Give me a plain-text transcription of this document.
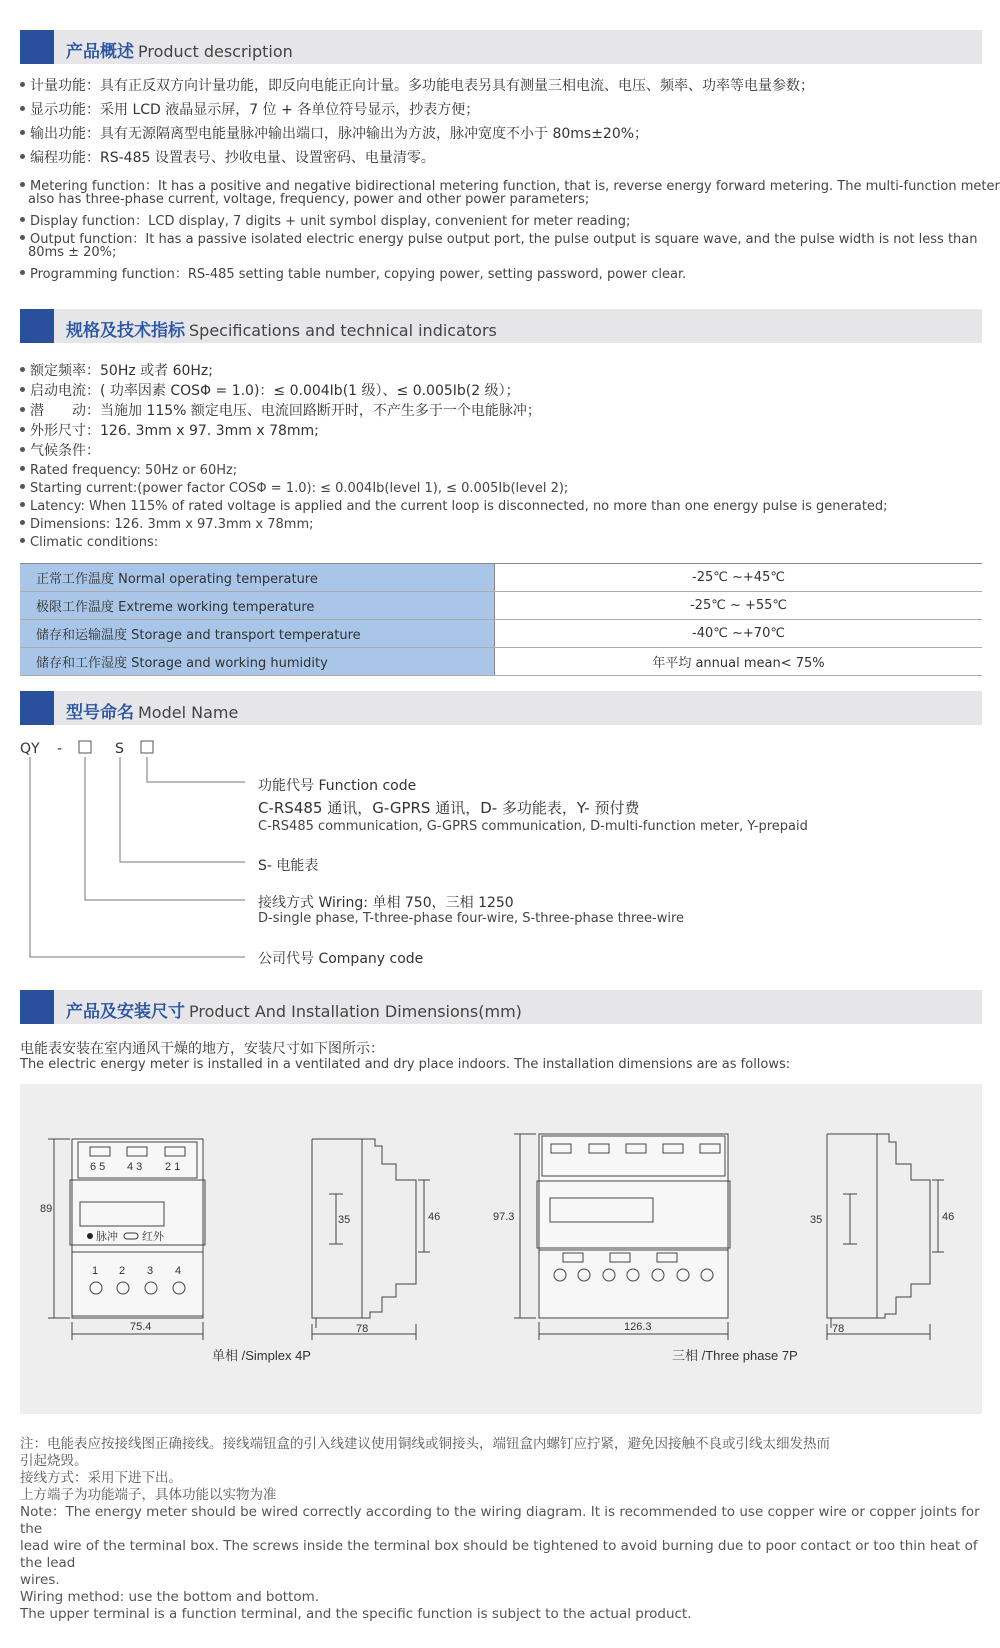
产品概述 Product description
计量功能：具有正反双方向计量功能，即反向电能正向计量。多功能电表另具有测量三相电流、电压、频率、功率等电量参数；
显示功能：采用 LCD 液晶显示屏，7 位 + 各单位符号显示，抄表方便；
输出功能：具有无源隔离型电能量脉冲输出端口，脉冲输出为方波，脉冲宽度不小于 80ms±20%；
编程功能：RS-485 设置表号、抄收电量、设置密码、电量清零。
Metering function：It has a positive and negative bidirectional metering function, that is, reverse energy forward metering. The multi-function meter
also has three-phase current, voltage, frequency, power and other power parameters;
Display function：LCD display, 7 digits + unit symbol display, convenient for meter reading;
Output function：It has a passive isolated electric energy pulse output port, the pulse output is square wave, and the pulse width is not less than
80ms ± 20%;
Programming function：RS-485 setting table number, copying power, setting password, power clear.
规格及技术指标 Specifications and technical indicators
额定频率：50Hz 或者 60Hz;
启动电流：( 功率因素 COSΦ = 1.0)：≤ 0.004Ib(1 级）、≤ 0.005Ib(2 级）；
潜　　动：当施加 115% 额定电压、电流回路断开时，不产生多于一个电能脉冲；
外形尺寸：126. 3mm x 97. 3mm x 78mm;
气候条件：
Rated frequency: 50Hz or 60Hz;
Starting current:(power factor COSΦ = 1.0): ≤ 0.004Ib(level 1), ≤ 0.005Ib(level 2);
Latency: When 115% of rated voltage is applied and the current loop is disconnected, no more than one energy pulse is generated;
Dimensions: 126. 3mm x 97.3mm x 78mm;
Climatic conditions:
正常工作温度 Normal operating temperature	-25℃ ~+45℃
极限工作温度 Extreme working temperature	-25℃ ~ +55℃
储存和运输温度 Storage and transport temperature	-40℃ ~+70℃
储存和工作湿度 Storage and working humidity	年平均 annual mean< 75%
型号命名 Model Name
QY -	S
功能代号 Function code
C-RS485 通讯，G-GPRS 通讯，D- 多功能表，Y- 预付费
C-RS485 communication, G-GPRS communication, D-multi-function meter, Y-prepaid
S- 电能表
接线方式 Wiring: 单相 750，三相 1250
D-single phase, T-three-phase four-wire, S-three-phase three-wire
公司代号 Company code
产品及安装尺寸 Product And Installation Dimensions(mm)
电能表安装在室内通风干燥的地方，安装尺寸如下图所示：
The electric energy meter is installed in a ventilated and dry place indoors. The installation dimensions are as follows:
89
75.4
6 5 4 3 2 1
1 2 3 4
脉冲 红外
78
35	46	97.3
126.3	78
35	46
单相 /Simplex 4P	三相 /Three phase 7P
注：电能表应按接线图正确接线。接线端钮盒的引入线建议使用铜线或铜接头，端钮盒内螺钉应拧紧，避免因接触不良或引线太细发热而
引起烧毁。
接线方式：采用下进下出。
上方端子为功能端子，具体功能以实物为准
Note：The energy meter should be wired correctly according to the wiring diagram. It is recommended to use copper wire or copper joints for the
lead wire of the terminal box. The screws inside the terminal box should be tightened to avoid burning due to poor contact or too thin heat of the lead
wires.
Wiring method: use the bottom and bottom.
The upper terminal is a function terminal, and the specific function is subject to the actual product.
